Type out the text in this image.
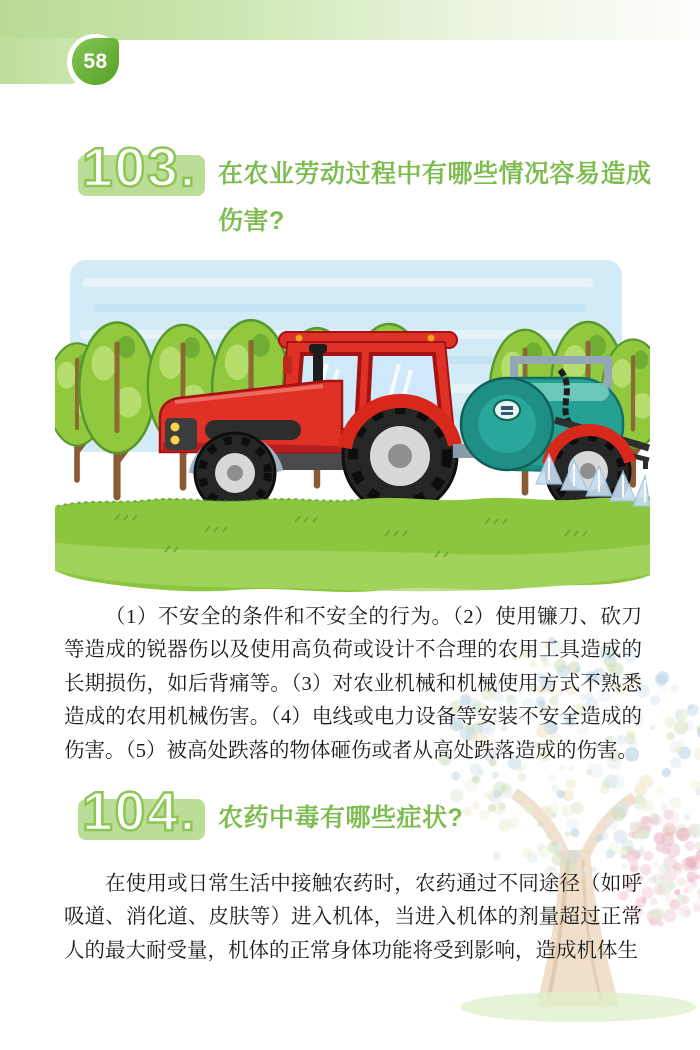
58
103. 在农业劳动过程中有哪些情况容易造成伤害?

（1）不安全的条件和不安全的行为。（2）使用镰刀、砍刀等造成的锐器伤以及使用高负荷或设计不合理的农用工具造成的长期损伤，如后背痛等。（3）对农业机械和机械使用方式不熟悉造成的农用机械伤害。（4）电线或电力设备等安装不安全造成的伤害。（5）被高处跌落的物体砸伤或者从高处跌落造成的伤害。

104. 农药中毒有哪些症状?

在使用或日常生活中接触农药时，农药通过不同途径（如呼吸道、消化道、皮肤等）进入机体，当进入机体的剂量超过正常人的最大耐受量，机体的正常身体功能将受到影响，造成机体生
